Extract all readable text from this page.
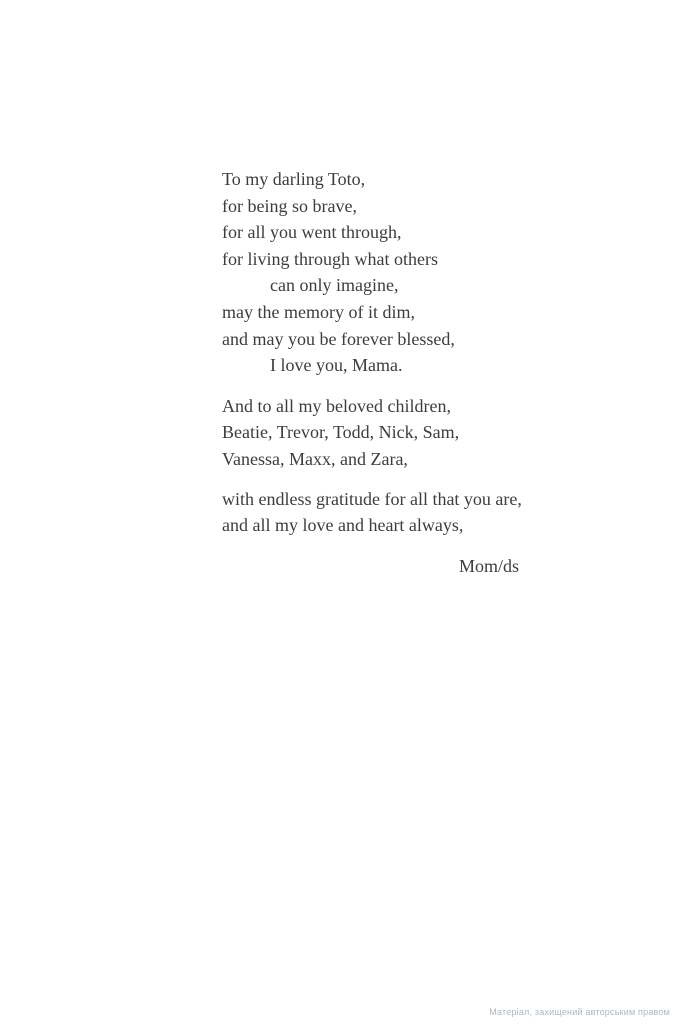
To my darling Toto,
for being so brave,
for all you went through,
for living through what others
can only imagine,
may the memory of it dim,
and may you be forever blessed,
I love you, Mama.
And to all my beloved children,
Beatie, Trevor, Todd, Nick, Sam,
Vanessa, Maxx, and Zara,
with endless gratitude for all that you are,
and all my love and heart always,
Mom/ds
Матеріал, захищений авторським правом
